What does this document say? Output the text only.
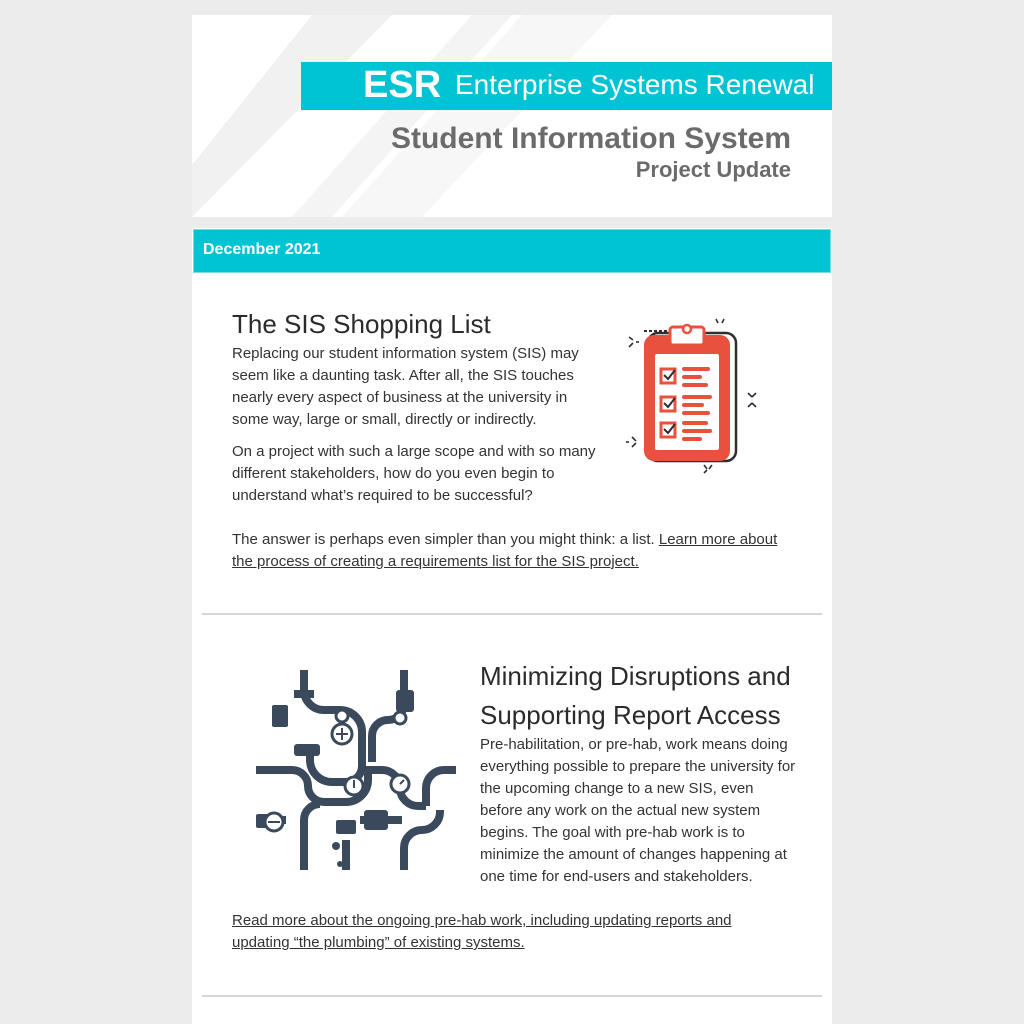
ESR Enterprise Systems Renewal
Student Information System
Project Update
December 2021
The SIS Shopping List

Replacing our student information system (SIS) may seem like a daunting task. After all, the SIS touches nearly every aspect of business at the university in some way, large or small, directly or indirectly.

On a project with such a large scope and with so many different stakeholders, how do you even begin to understand what’s required to be successful?

The answer is perhaps even simpler than you might think: a list. Learn more about the process of creating a requirements list for the SIS project.

Minimizing Disruptions and
Supporting Report Access

Pre-habilitation, or pre-hab, work means doing everything possible to prepare the university for the upcoming change to a new SIS, even before any work on the actual new system begins. The goal with pre-hab work is to minimize the amount of changes happening at one time for end-users and stakeholders.

Read more about the ongoing pre-hab work, including updating reports and updating “the plumbing” of existing systems.
